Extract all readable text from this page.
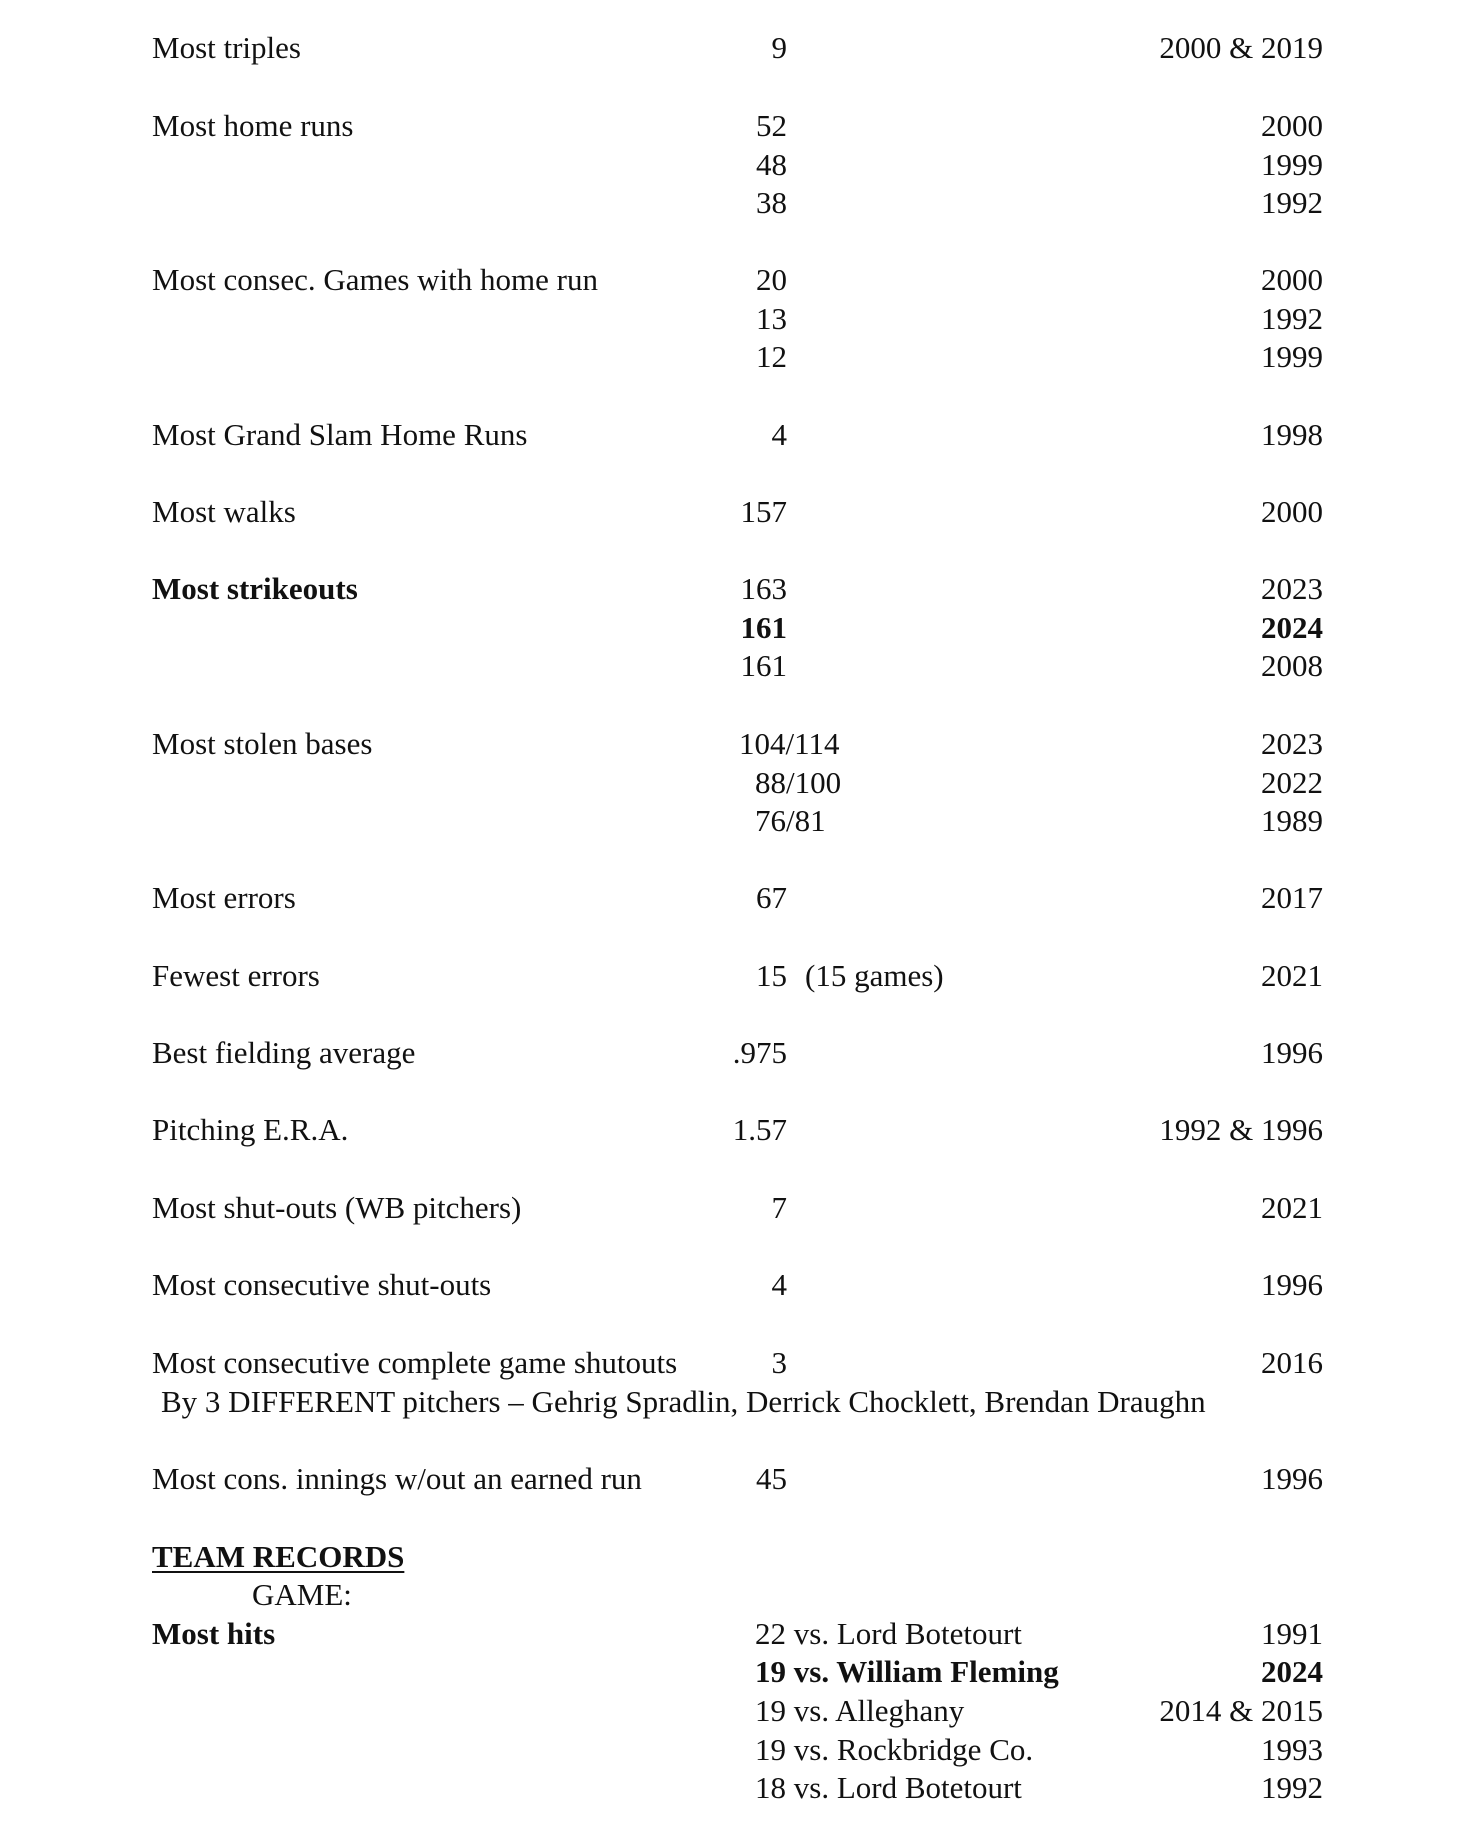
Most triples	9	2000 & 2019
Most home runs	52	2000
48	1999
38	1992
Most consec. Games with home run	20	2000
13	1992
12	1999
Most Grand Slam Home Runs	4	1998
Most walks	157	2000
Most strikeouts	163	2023
161	2024
161	2008
Most stolen bases	104/114	2023
88/100	2022
76/81	1989
Most errors	67	2017
Fewest errors	15 (15 games)	2021
Best fielding average	.975	1996
Pitching E.R.A.	1.57	1992 & 1996
Most shut-outs (WB pitchers)	7	2021
Most consecutive shut-outs	4	1996
Most consecutive complete game shutouts	3	2016
By 3 DIFFERENT pitchers – Gehrig Spradlin, Derrick Chocklett, Brendan Draughn
Most cons. innings w/out an earned run	45	1996
TEAM RECORDS
GAME:
Most hits	22 vs. Lord Botetourt	1991
19 vs. William Fleming	2024
19 vs. Alleghany	2014 & 2015
19 vs. Rockbridge Co.	1993
18 vs. Lord Botetourt	1992
